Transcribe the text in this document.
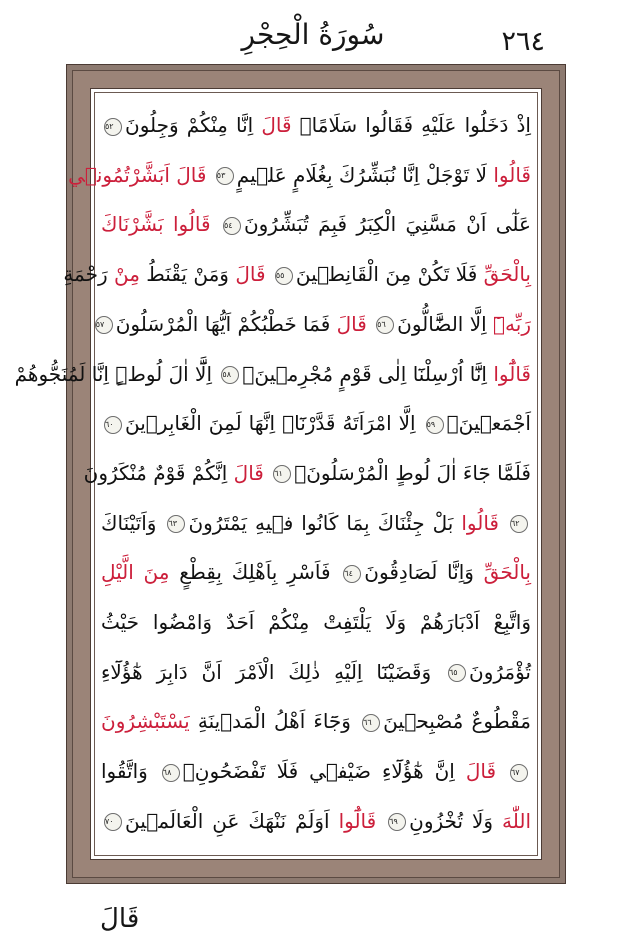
سُورَةُ الْحِجْرِ	٢٦٤
اِذْ دَخَلُوا عَلَيْهِ فَقَالُوا سَلَامًاۜ قَالَ اِنَّا مِنْكُمْ وَجِلُونَ٥٢
قَالُوا لَا تَوْجَلْ اِنَّا نُبَشِّرُكَ بِغُلَامٍ عَلٖيمٍ٥٣ قَالَ اَبَشَّرْتُمُونٖي
عَلٰٓى اَنْ مَسَّنِيَ الْكِبَرُ فَبِمَ تُبَشِّرُونَ٥٤ قَالُوا بَشَّرْنَاكَ
بِالْحَقِّ فَلَا تَكُنْ مِنَ الْقَانِطٖينَ٥٥ قَالَ وَمَنْ يَقْنَطُ مِنْ رَحْمَةِ
رَبِّهٖٓ اِلَّا الضَّٓالُّونَ٥٦ قَالَ فَمَا خَطْبُكُمْ اَيُّهَا الْمُرْسَلُونَ٥٧
قَالُٓوا اِنَّٓا اُرْسِلْنَٓا اِلٰى قَوْمٍ مُجْرِمٖينَۙ٥٨ اِلَّٓا اٰلَ لُوطٍۜ اِنَّا لَمُنَجُّوهُمْ
اَجْمَعٖينَۙ٥٩ اِلَّا امْرَاَتَهُ قَدَّرْنَٓاۙ اِنَّهَا لَمِنَ الْغَابِرٖينَ٦٠
فَلَمَّا جَٓاءَ اٰلَ لُوطٍ الْمُرْسَلُونَۙ٦١ قَالَ اِنَّكُمْ قَوْمٌ مُنْكَرُونَ
٦٢ قَالُوا بَلْ جِئْنَاكَ بِمَا كَانُوا فٖيهِ يَمْتَرُونَ٦٣ وَاَتَيْنَاكَ
بِالْحَقِّ وَاِنَّا لَصَادِقُونَ٦٤ فَاَسْرِ بِاَهْلِكَ بِقِطْعٍ مِنَ الَّيْلِ
وَاتَّبِعْ اَدْبَارَهُمْ وَلَا يَلْتَفِتْ مِنْكُمْ اَحَدٌ وَامْضُوا حَيْثُ
تُؤْمَرُونَ٦٥ وَقَضَيْنَٓا اِلَيْهِ ذٰلِكَ الْاَمْرَ اَنَّ دَابِرَ هٰٓؤُلَٓاءِ
مَقْطُوعٌ مُصْبِحٖينَ٦٦ وَجَٓاءَ اَهْلُ الْمَدٖينَةِ يَسْتَبْشِرُونَ
٦٧ قَالَ اِنَّ هٰٓؤُلَٓاءِ ضَيْفٖي فَلَا تَفْضَحُونِۙ٦٨ وَاتَّقُوا
اللّٰهَ وَلَا تُخْزُونِ٦٩ قَالُٓوا اَوَلَمْ نَنْهَكَ عَنِ الْعَالَمٖينَ٧٠
قَالَ
